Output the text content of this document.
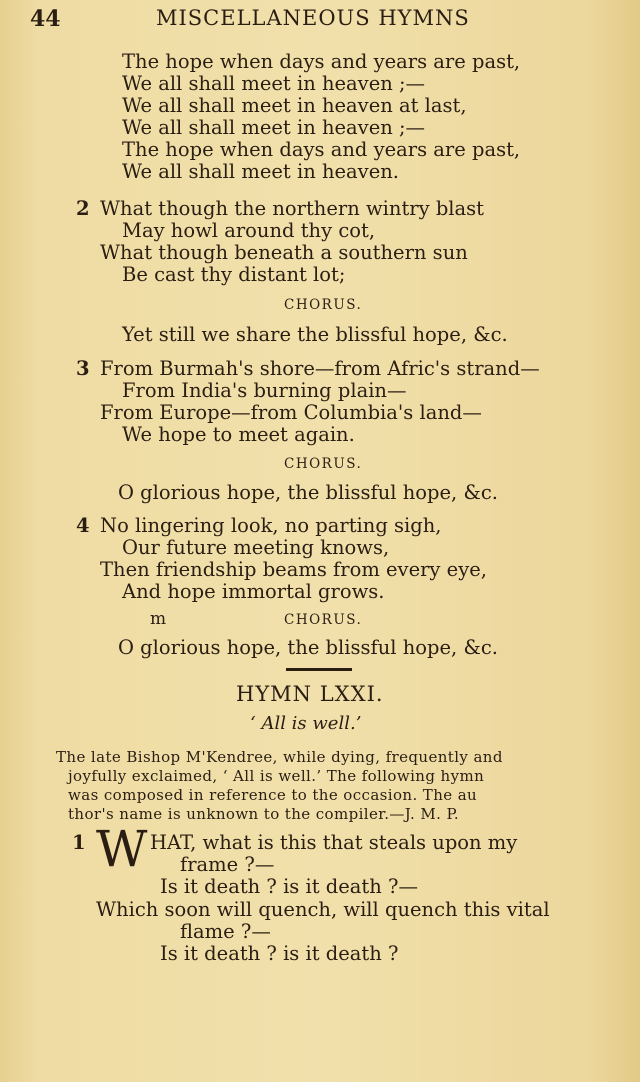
44	MISCELLANEOUS HYMNS
The hope when days and years are past,
We all shall meet in heaven ;—
We all shall meet in heaven at last,
We all shall meet in heaven ;—
The hope when days and years are past,
We all shall meet in heaven.
2 What though the northern wintry blast
May howl around thy cot,
What though beneath a southern sun
Be cast thy distant lot;
CHORUS.
Yet still we share the blissful hope, &c.
3 From Burmah's shore—from Afric's strand—
From India's burning plain—
From Europe—from Columbia's land—
We hope to meet again.
CHORUS.
O glorious hope, the blissful hope, &c.
4 No lingering look, no parting sigh,
Our future meeting knows,
Then friendship beams from every eye,
And hope immortal grows.
m	CHORUS.
O glorious hope, the blissful hope, &c.
HYMN LXXI.
‘ All is well.’
The late Bishop M'Kendree, while dying, frequently and
joyfully exclaimed, ‘ All is well.’ The following hymn
was composed in reference to the occasion. The au
thor's name is unknown to the compiler.—J. M. P.
1 W HAT, what is this that steals upon my
frame ?—
Is it death ? is it death ?—
Which soon will quench, will quench this vital
flame ?—
Is it death ? is it death ?
